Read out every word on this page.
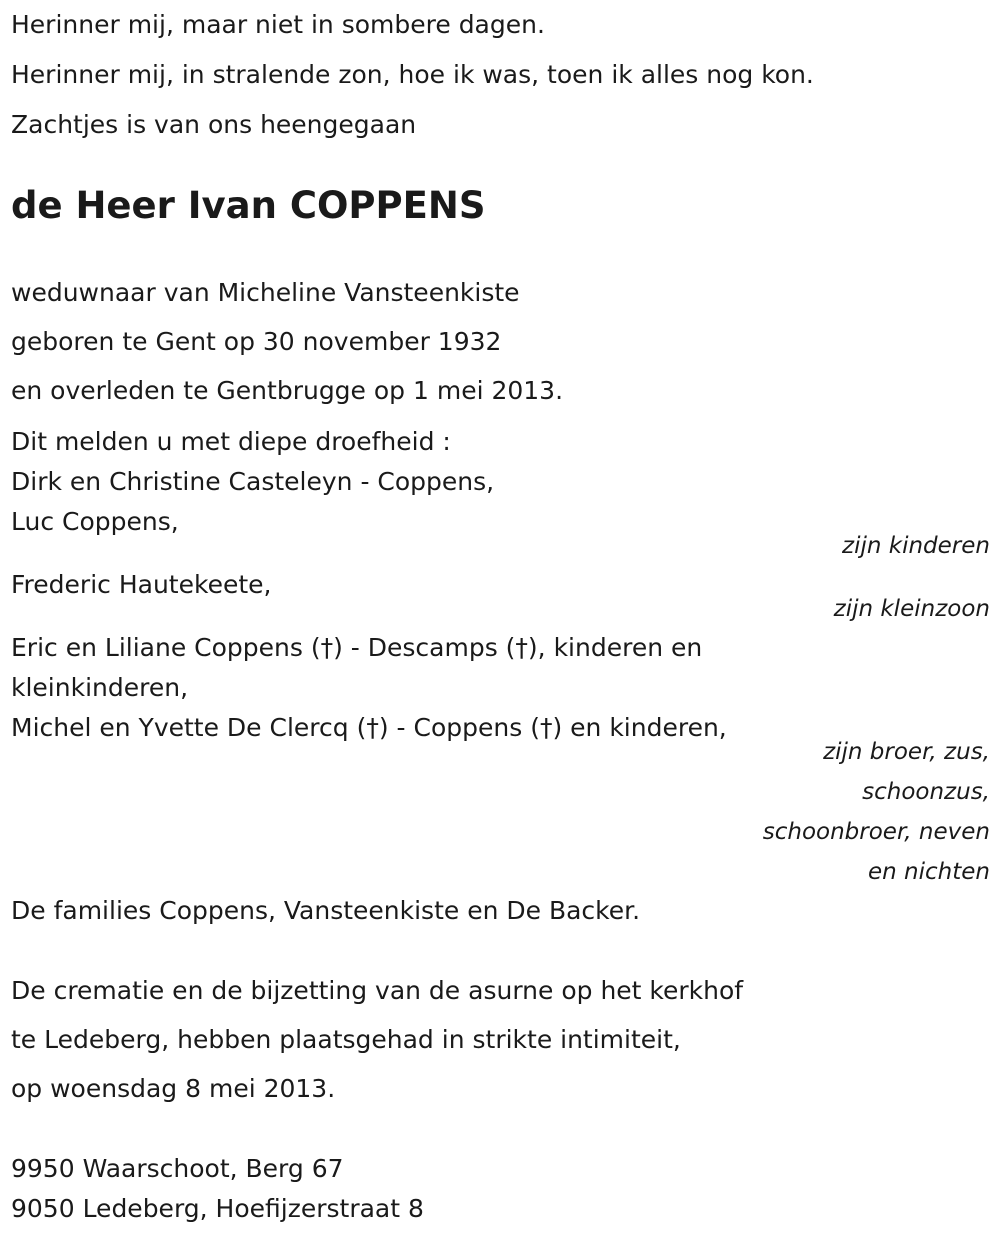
Herinner mij, maar niet in sombere dagen.
Herinner mij, in stralende zon, hoe ik was, toen ik alles nog kon.
Zachtjes is van ons heengegaan
de Heer Ivan COPPENS
weduwnaar van Micheline Vansteenkiste
geboren te Gent op 30 november 1932
en overleden te Gentbrugge op 1 mei 2013.
Dit melden u met diepe droefheid :
Dirk en Christine Casteleyn - Coppens,
Luc Coppens,
zijn kinderen
Frederic Hautekeete,
zijn kleinzoon
Eric en Liliane Coppens (†) - Descamps (†), kinderen en
kleinkinderen,
Michel en Yvette De Clercq (†) - Coppens (†) en kinderen,
zijn broer, zus,
schoonzus,
schoonbroer, neven
en nichten
De families Coppens, Vansteenkiste en De Backer.
De crematie en de bijzetting van de asurne op het kerkhof
te Ledeberg, hebben plaatsgehad in strikte intimiteit,
op woensdag 8 mei 2013.
9950 Waarschoot, Berg 67
9050 Ledeberg, Hoefijzerstraat 8
